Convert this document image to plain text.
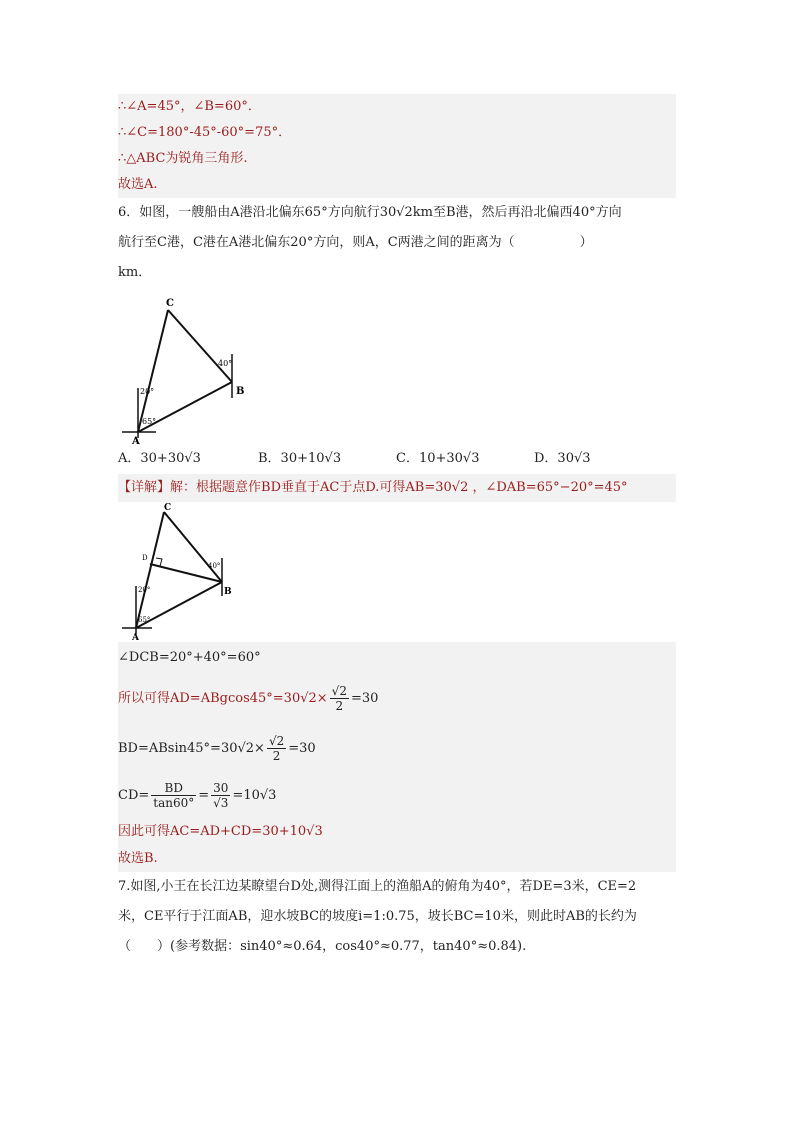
∴∠A=45°，∠B=60°．
∴∠C=180°-45°-60°=75°．
∴△ABC为锐角三角形.
故选A.
6．如图，一艘船由A港沿北偏东65°方向航行30√2km至B港，然后再沿北偏西40°方向
航行至C港，C港在A港北偏东20°方向，则A，C两港之间的距离为（　　　　　）
km．
C
B
A
40°
20°
65°
A．30+30√3	B．30+10√3	C．10+30√3	D．30√3
【详解】解：根据题意作BD垂直于AC于点D.可得AB=30√2 ，∠DAB=65°−20°=45°
C
B
A
D
40°
20°
65°
∠DCB=20°+40°=60°
所以可得$AD=ABgcos45^\circ=30√2\times \frac{√2}{2} =30$
$BD=ABsin45^\circ=30√2\times \frac{√2}{2} =30$
$CD= \frac{BD}{\tan 60^\circ} = \frac{30}{√3} =10√3$
因此可得AC=AD+CD=30+10√3
故选B.
7.如图,小王在长江边某瞭望台D处,测得江面上的渔船A的俯角为40°，若DE=3米，CE=2
米，CE平行于江面AB，迎水坡BC的坡度i=1:0.75，坡长BC=10米，则此时AB的长约为
（　　）(参考数据：sin40°≈0.64，cos40°≈0.77，tan40°≈0.84).
